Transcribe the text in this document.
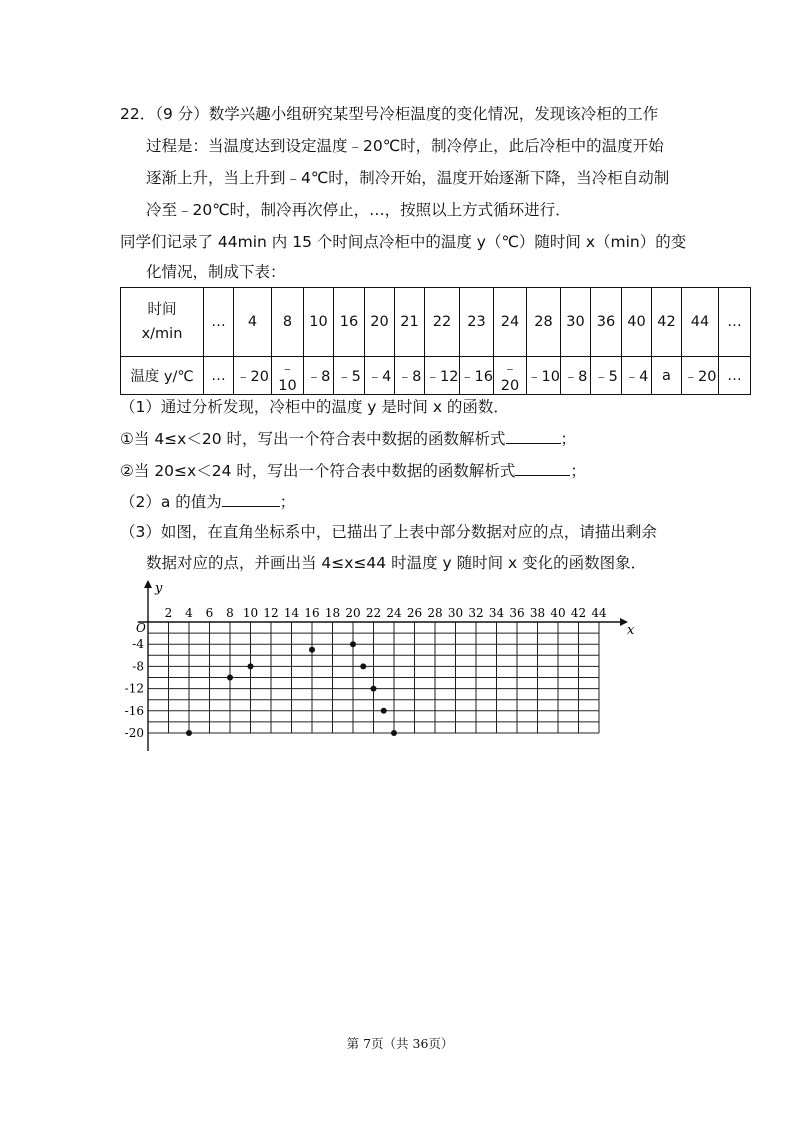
22．（9 分）数学兴趣小组研究某型号冷柜温度的变化情况，发现该冷柜的工作
过程是：当温度达到设定温度﹣20℃时，制冷停止，此后冷柜中的温度开始
逐渐上升，当上升到﹣4℃时，制冷开始，温度开始逐渐下降，当冷柜自动制
冷至﹣20℃时，制冷再次停止，…，按照以上方式循环进行．
同学们记录了 44min 内 15 个时间点冷柜中的温度 y（℃）随时间 x（min）的变
化情况，制成下表：
时间
x/min	…	4	8	10	16	20	21	22	23	24	28	30	36	40	42	44	…
温度 y/℃	…	﹣20	﹣10	﹣8	﹣5	﹣4	﹣8	﹣12	﹣16	﹣20	﹣10	﹣8	﹣5	﹣4	a	﹣20	…
（1）通过分析发现，冷柜中的温度 y 是时间 x 的函数．
①当 4≤x＜20 时，写出一个符合表中数据的函数解析式	；
②当 20≤x＜24 时，写出一个符合表中数据的函数解析式	；
（2）a 的值为	；
（3）如图，在直角坐标系中，已描出了上表中部分数据对应的点，请描出剩余
数据对应的点，并画出当 4≤x≤44 时温度 y 随时间 x 变化的函数图象．
x
y
O
2 4 6 8 10 12 14 16 18 20 22 24 26 28 30 32 34 36 38 40 42 44
-4
-8
-12
-16
-20
第 7页（共 36页）
